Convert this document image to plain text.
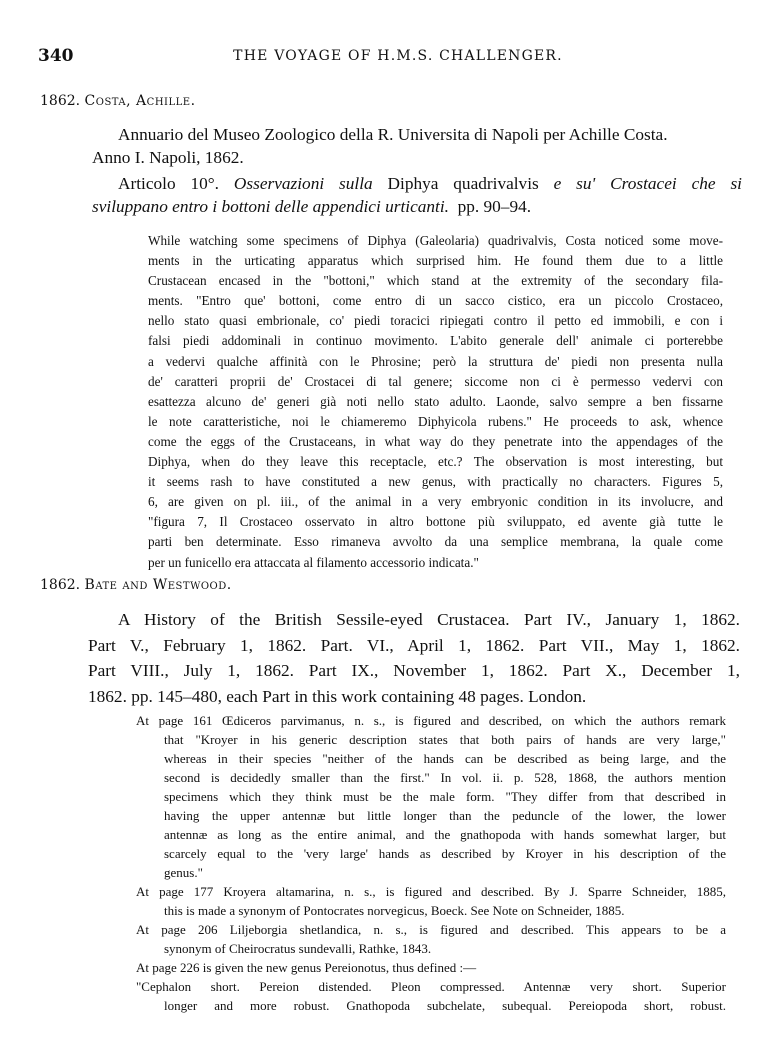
340	THE VOYAGE OF H.M.S. CHALLENGER.
1862. Costa, Achille.

Annuario del Museo Zoologico della R. Universita di Napoli per Achille Costa.

Anno I. Napoli, 1862.

Articolo 10°. Osservazioni sulla Diphya quadrivalvis e su' Crostacei che si
sviluppano entro i bottoni delle appendici urticanti. pp. 90–94.
While watching some specimens of Diphya (Galeolaria) quadrivalvis, Costa noticed some move-
ments in the urticating apparatus which surprised him. He found them due to a little
Crustacean encased in the "bottoni," which stand at the extremity of the secondary fila-
ments. "Entro que' bottoni, come entro di un sacco cistico, era un piccolo Crostaceo,
nello stato quasi embrionale, co' piedi toracici ripiegati contro il petto ed immobili, e con i
falsi piedi addominali in continuo movimento. L'abito generale dell' animale ci porterebbe
a vedervi qualche affinità con le Phrosine; però la struttura de' piedi non presenta nulla
de' caratteri proprii de' Crostacei di tal genere; siccome non ci è permesso vedervi con
esattezza alcuno de' generi già noti nello stato adulto. Laonde, salvo sempre a ben fissarne
le note caratteristiche, noi le chiameremo Diphyicola rubens." He proceeds to ask, whence
come the eggs of the Crustaceans, in what way do they penetrate into the appendages of the
Diphya, when do they leave this receptacle, etc.? The observation is most interesting, but
it seems rash to have constituted a new genus, with practically no characters. Figures 5,
6, are given on pl. iii., of the animal in a very embryonic condition in its involucre, and
"figura 7, Il Crostaceo osservato in altro bottone più sviluppato, ed avente già tutte le
parti ben determinate. Esso rimaneva avvolto da una semplice membrana, la quale come
per un funicello era attaccata al filamento accessorio indicata."
1862. Bate and Westwood.
A History of the British Sessile-eyed Crustacea. Part IV., January 1, 1862.
Part V., February 1, 1862. Part. VI., April 1, 1862. Part VII., May 1, 1862.
Part VIII., July 1, 1862. Part IX., November 1, 1862. Part X., December 1,
1862. pp. 145–480, each Part in this work containing 48 pages. London.
At page 161 Œdiceros parvimanus, n. s., is figured and described, on which the authors remark
that "Kroyer in his generic description states that both pairs of hands are very large,"
whereas in their species "neither of the hands can be described as being large, and the
second is decidedly smaller than the first." In vol. ii. p. 528, 1868, the authors mention
specimens which they think must be the male form. "They differ from that described in
having the upper antennæ but little longer than the peduncle of the lower, the lower
antennæ as long as the entire animal, and the gnathopoda with hands somewhat larger, but
scarcely equal to the 'very large' hands as described by Kroyer in his description of the
genus."
At page 177 Kroyera altamarina, n. s., is figured and described. By J. Sparre Schneider, 1885,
this is made a synonym of Pontocrates norvegicus, Boeck. See Note on Schneider, 1885.
At page 206 Liljeborgia shetlandica, n. s., is figured and described. This appears to be a
synonym of Cheirocratus sundevalli, Rathke, 1843.
At page 226 is given the new genus Pereionotus, thus defined :—
"Cephalon short. Pereion distended. Pleon compressed. Antennæ very short. Superior
longer and more robust. Gnathopoda subchelate, subequal. Pereiopoda short, robust.
